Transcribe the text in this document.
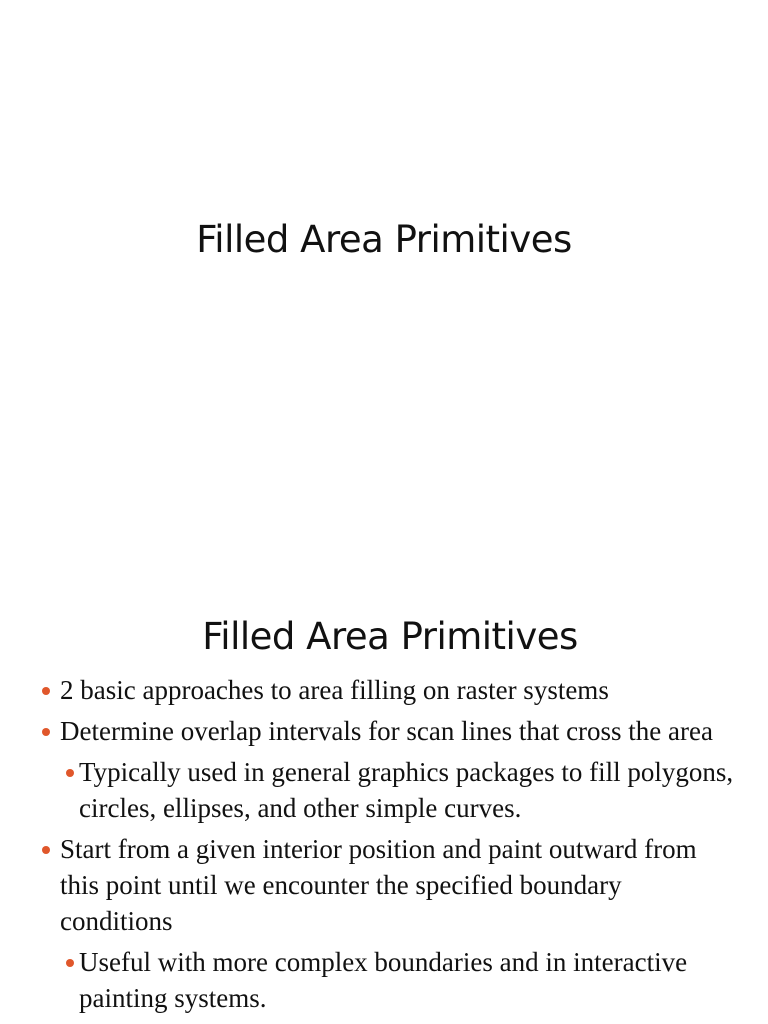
Filled Area Primitives
Filled Area Primitives
2 basic approaches to area filling on raster systems
Determine overlap intervals for scan lines that cross the area
Typically used in general graphics packages to fill polygons, circles, ellipses, and other simple curves.
Start from a given interior position and paint outward from this point until we encounter the specified boundary conditions
Useful with more complex boundaries and in interactive painting systems.
